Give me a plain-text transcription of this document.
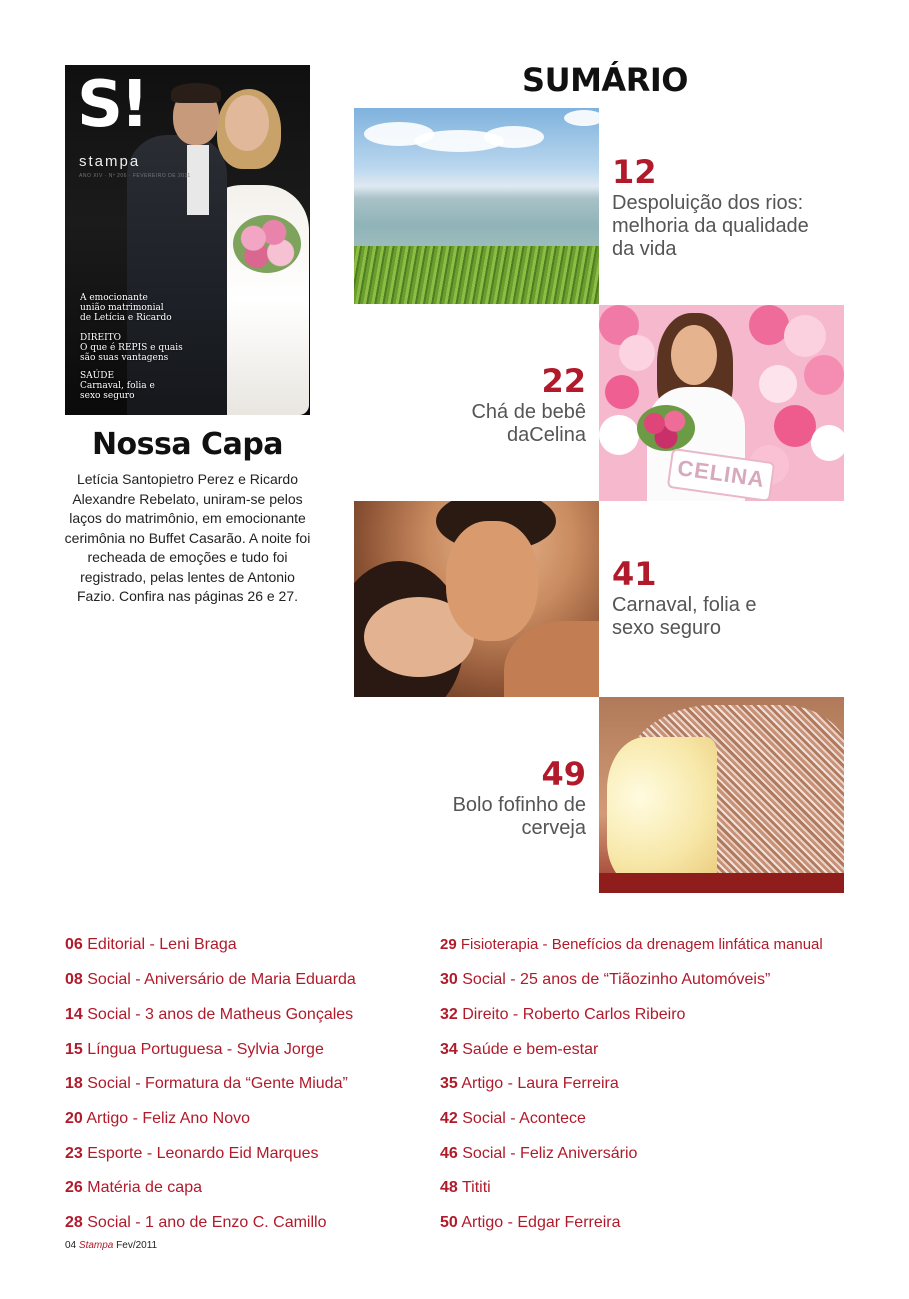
S!
stampa
ANO XIV · Nº 206 · FEVEREIRO DE 2011
A emocionante
união matrimonial
de Letícia e Ricardo
DIREITO
O que é REPIS e quais
são suas vantagens
SAÚDE
Carnaval, folia e
sexo seguro
Nossa Capa
Letícia Santopietro Perez e Ricardo Alexandre Rebelato, uniram-se pelos laços do matrimônio, em emocionante cerimônia no Buffet Casarão. A noite foi recheada de emoções e tudo foi registrado, pelas lentes de Antonio Fazio. Confira nas páginas 26 e 27.
SUMÁRIO
12
Despoluição dos rios:
melhoria da qualidade
da vida
CELINA
22
Chá de bebê
daCelina
41
Carnaval, folia e
sexo seguro
49
Bolo fofinho de
cerveja
06 Editorial - Leni Braga
08 Social - Aniversário de Maria Eduarda
14 Social - 3 anos de Matheus Gonçales
15 Língua Portuguesa - Sylvia Jorge
18 Social - Formatura da “Gente Miuda”
20 Artigo - Feliz Ano Novo
23 Esporte - Leonardo Eid Marques
26 Matéria de capa
28 Social - 1 ano de Enzo C. Camillo
29 Fisioterapia - Benefícios da drenagem linfática manual
30 Social - 25 anos de “Tiãozinho Automóveis”
32 Direito - Roberto Carlos Ribeiro
34 Saúde e bem-estar
35 Artigo - Laura Ferreira
42 Social - Acontece
46 Social - Feliz Aniversário
48 Tititi
50 Artigo - Edgar Ferreira
04 Stampa Fev/2011
